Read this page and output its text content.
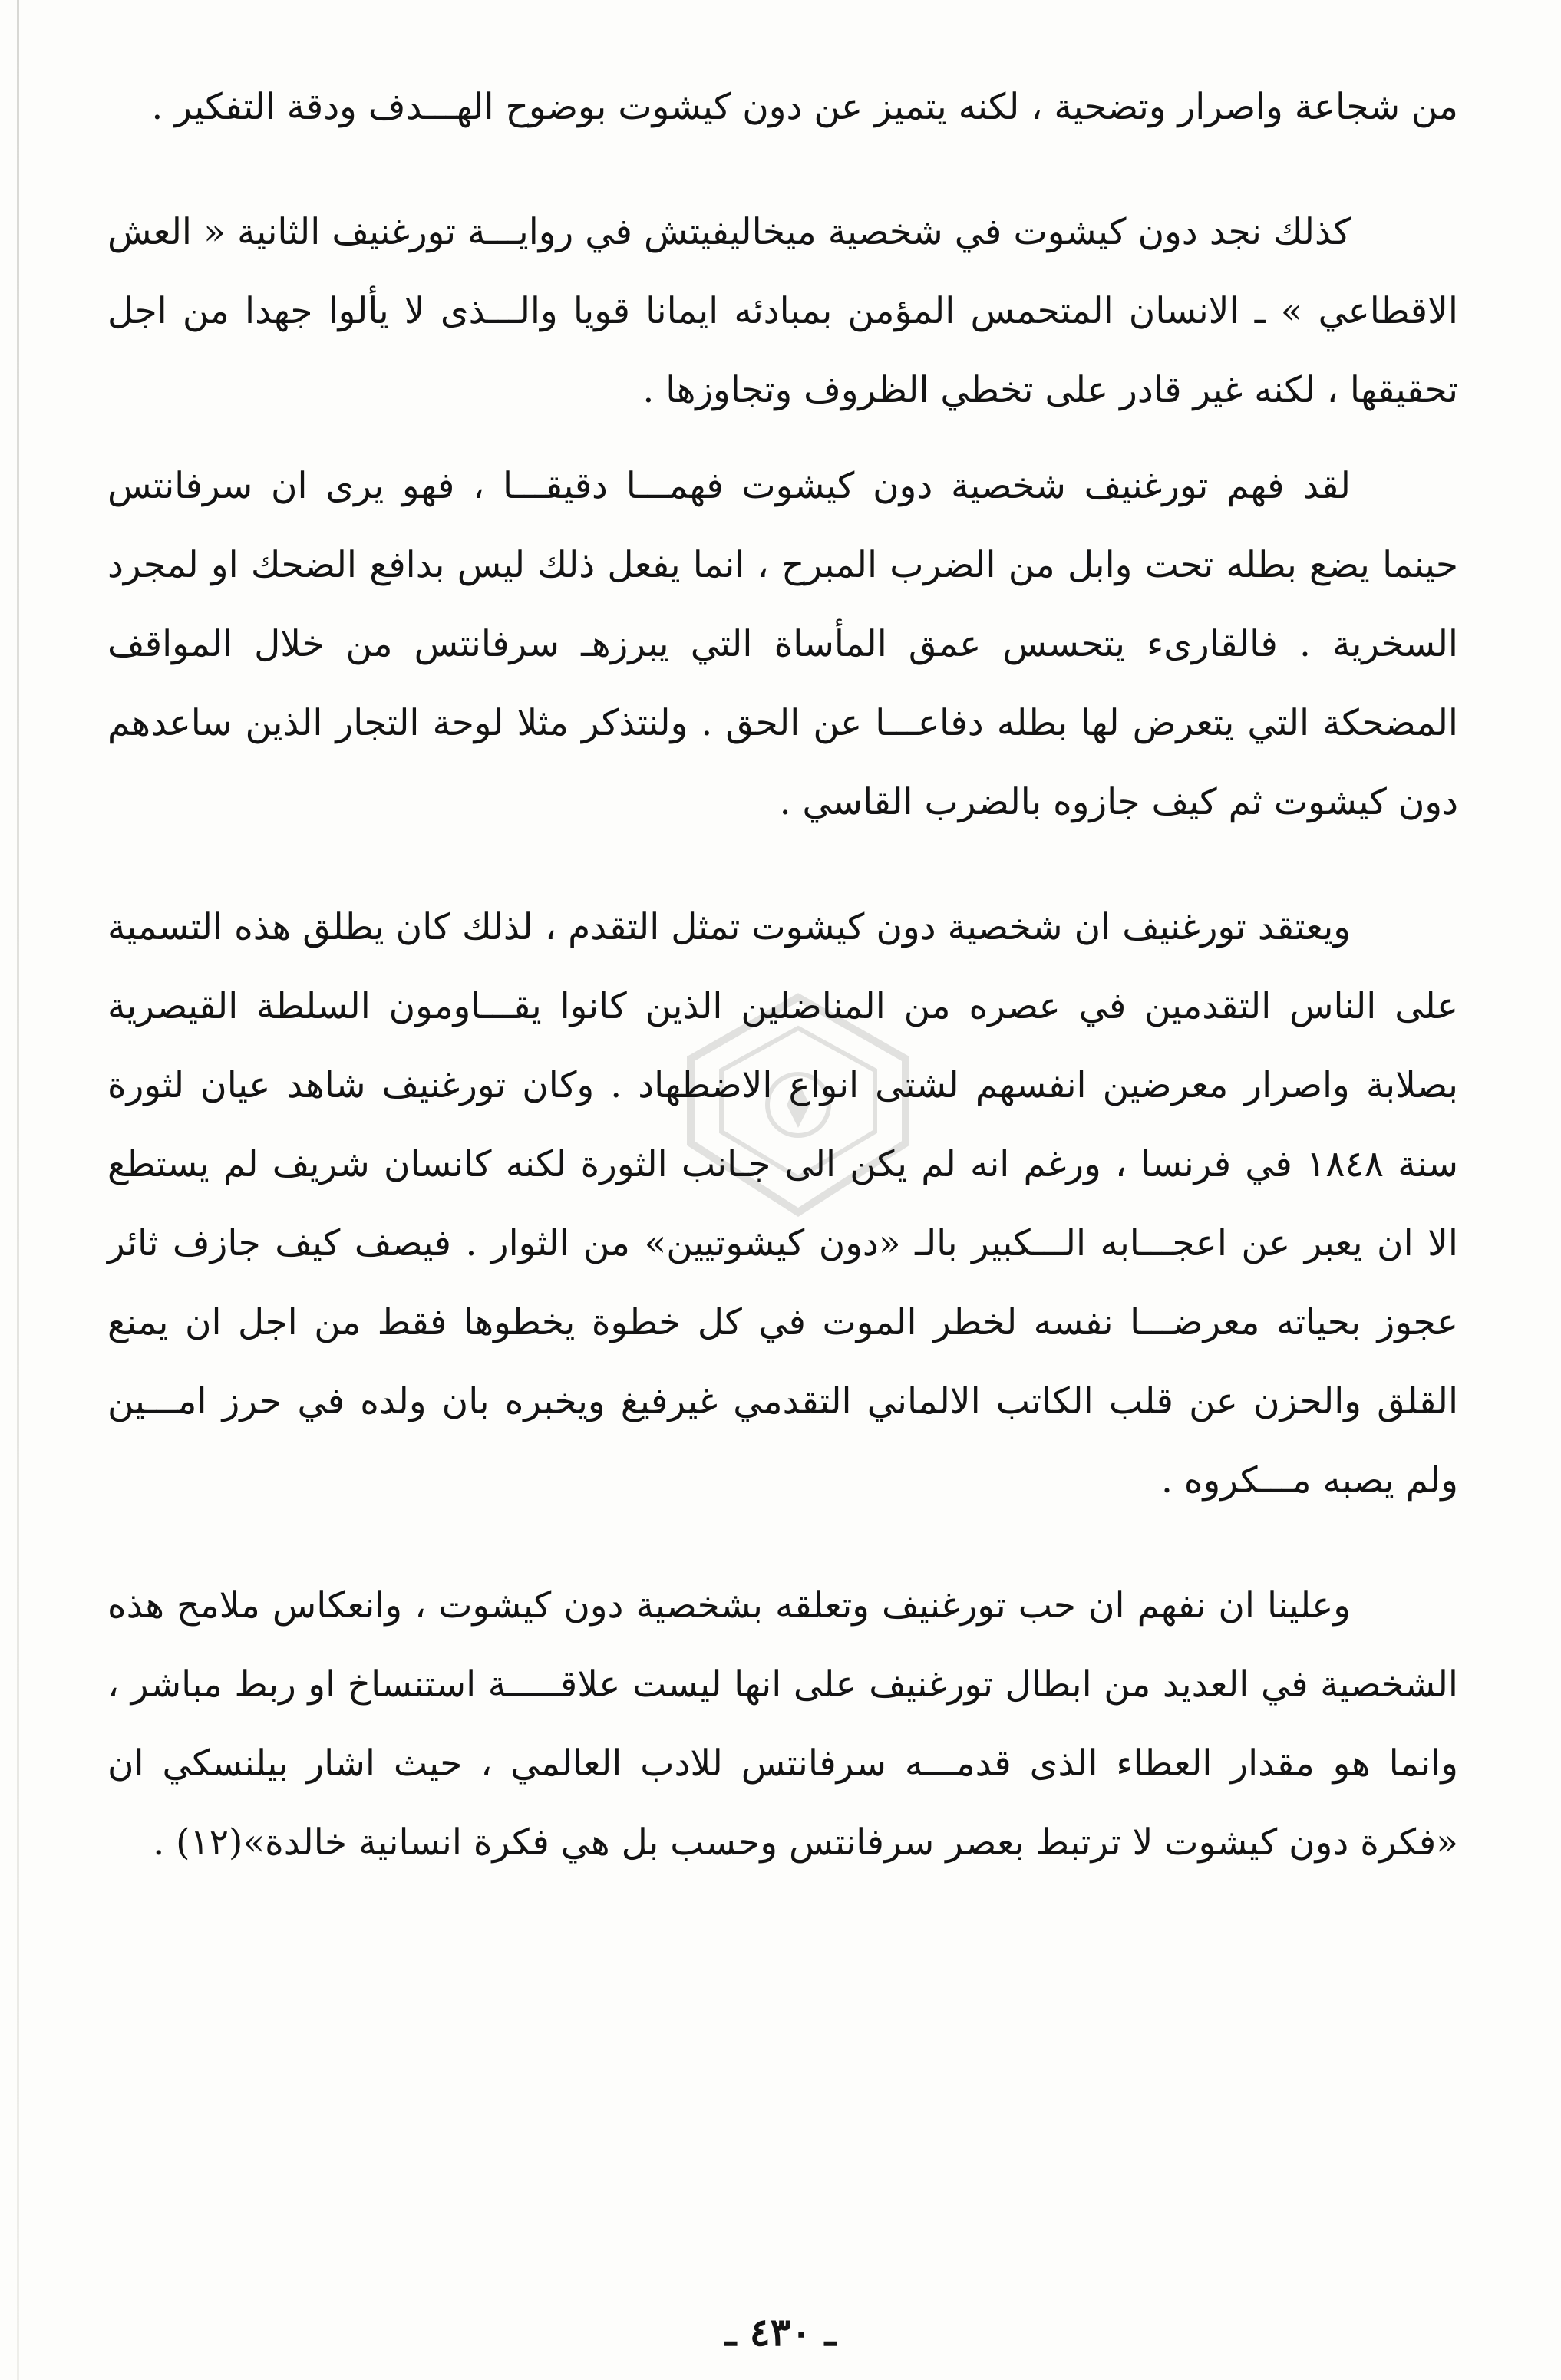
من شجاعة واصرار وتضحية ، لكنه يتميز عن دون كيشوت بوضوح الهـــدف ودقة التفكير .

كذلك نجد دون كيشوت في شخصية ميخاليفيتش في روايـــة تورغنيف الثانية « العش الاقطاعي » ـ الانسان المتحمس المؤمن بمبادئه ايمانا قويا والـــذى لا يألوا جهدا من اجل تحقيقها ، لكنه غير قادر على تخطي الظروف وتجاوزها .

لقد فهم تورغنيف شخصية دون كيشوت فهمـــا دقيقـــا ، فهو يرى ان سرفانتس حينما يضع بطله تحت وابل من الضرب المبرح ، انما يفعل ذلك ليس بدافع الضحك او لمجرد السخرية . فالقارىء يتحسس عمق المأساة التي يبرزهـ سرفانتس من خلال المواقف المضحكة التي يتعرض لها بطله دفاعـــا عن الحق . ولنتذكر مثلا لوحة التجار الذين ساعدهم دون كيشوت ثم كيف جازوه بالضرب القاسي .

ويعتقد تورغنيف ان شخصية دون كيشوت تمثل التقدم ، لذلك كان يطلق هذه التسمية على الناس التقدمين في عصره من المناضلين الذين كانوا يقـــاومون السلطة القيصرية بصلابة واصرار معرضين انفسهم لشتى انواع الاضطهاد . وكان تورغنيف شاهد عيان لثورة سنة ١٨٤٨ في فرنسا ، ورغم انه لم يكن الى جـانب الثورة لكنه كانسان شريف لم يستطع الا ان يعبر عن اعجـــابه الـــكبير بالـ «دون كيشوتيين» من الثوار . فيصف كيف جازف ثائر عجوز بحياته معرضـــا نفسه لخطر الموت في كل خطوة يخطوها فقط من اجل ان يمنع القلق والحزن عن قلب الكاتب الالماني التقدمي غيرفيغ ويخبره بان ولده في حرز امـــين ولم يصبه مـــكروه .

وعلينا ان نفهم ان حب تورغنيف وتعلقه بشخصية دون كيشوت ، وانعكاس ملامح هذه الشخصية في العديد من ابطال تورغنيف على انها ليست علاقـــــة استنساخ او ربط مباشر ، وانما هو مقدار العطاء الذى قدمـــه سرفانتس للادب العالمي ، حيث اشار بيلنسكي ان «فكرة دون كيشوت لا ترتبط بعصر سرفانتس وحسب بل هي فكرة انسانية خالدة»(١٢) .

ـ ٤٣٠ ـ
